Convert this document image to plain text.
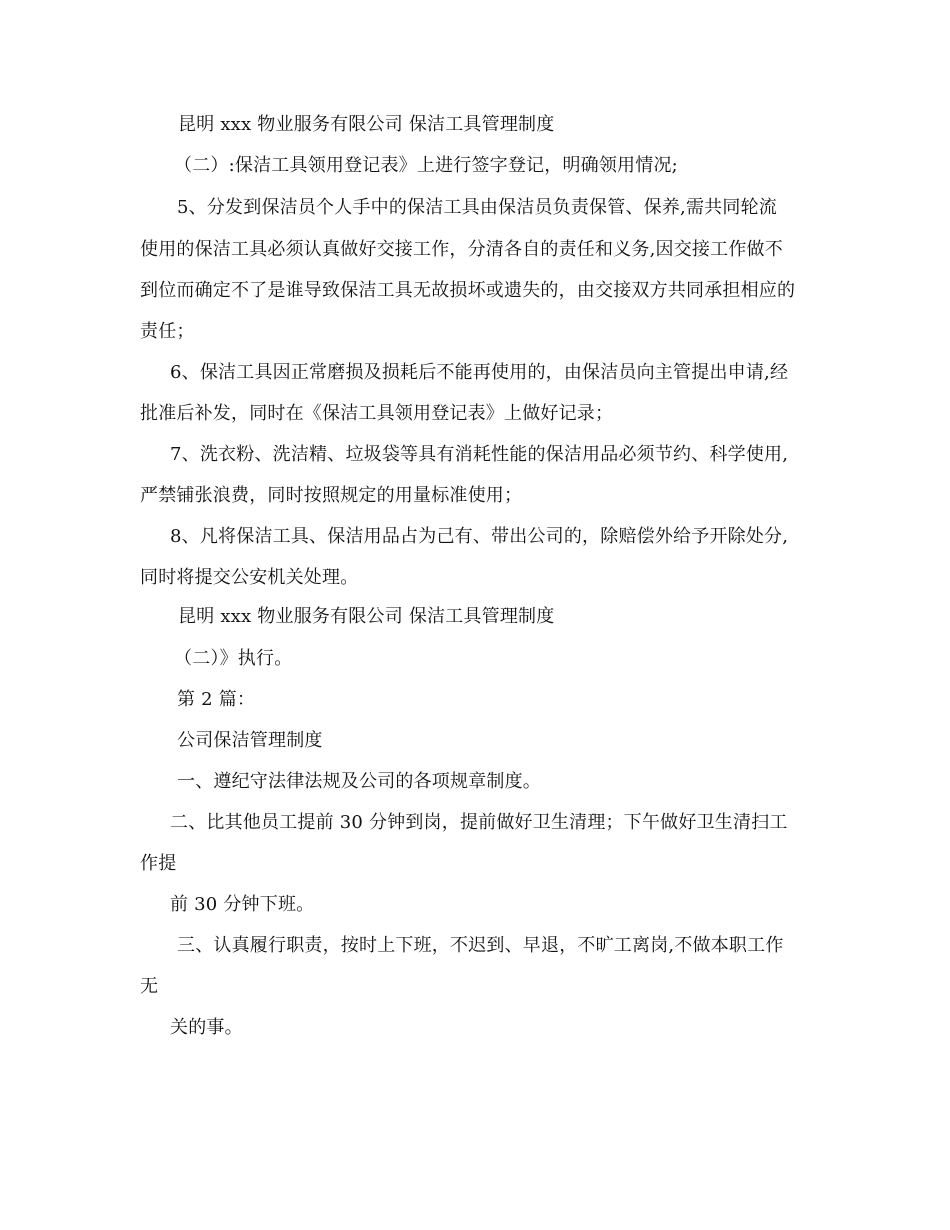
昆明 xxx 物业服务有限公司 保洁工具管理制度
（二）:保洁工具领用登记表》上进行签字登记，明确领用情况;
5、分发到保洁员个人手中的保洁工具由保洁员负责保管、保养,需共同轮流
使用的保洁工具必须认真做好交接工作，分清各自的责任和义务,因交接工作做不
到位而确定不了是谁导致保洁工具无故损坏或遗失的，由交接双方共同承担相应的
责任；
6、保洁工具因正常磨损及损耗后不能再使用的，由保洁员向主管提出申请,经
批准后补发，同时在《保洁工具领用登记表》上做好记录；
7、洗衣粉、洗洁精、垃圾袋等具有消耗性能的保洁用品必须节约、科学使用,
严禁铺张浪费，同时按照规定的用量标准使用；
8、凡将保洁工具、保洁用品占为己有、带出公司的，除赔偿外给予开除处分,
同时将提交公安机关处理。
昆明 xxx 物业服务有限公司 保洁工具管理制度
（二）》执行。
第 2 篇：
公司保洁管理制度
一、遵纪守法律法规及公司的各项规章制度。
二、比其他员工提前 30 分钟到岗，提前做好卫生清理；下午做好卫生清扫工
作提
前 30 分钟下班。
三、认真履行职责，按时上下班，不迟到、早退，不旷工离岗,不做本职工作
无
关的事。
